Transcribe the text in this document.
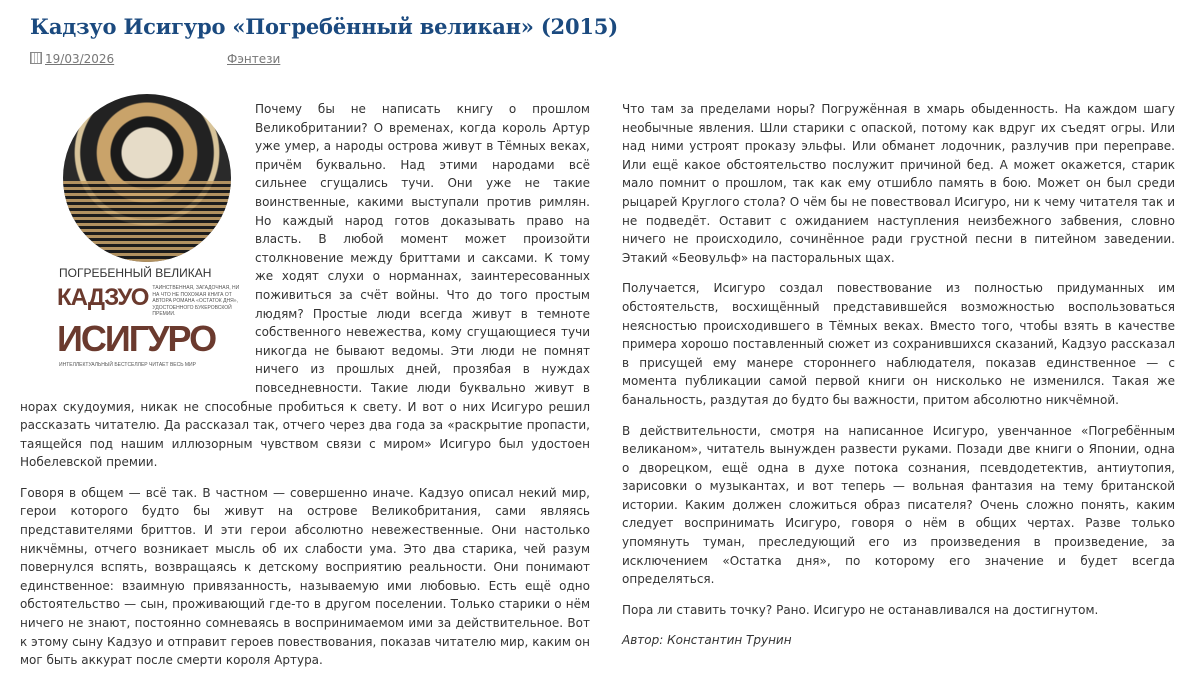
Кадзуо Исигуро «Погребённый великан» (2015)
19/03/2026	Фэнтези
ПОГРЕБЕННЫЙ ВЕЛИКАН
КАДЗУО ТАИНСТВЕННАЯ, ЗАГАДОЧНАЯ, НИ НА ЧТО НЕ ПОХОЖАЯ КНИГА ОТ АВТОРА РОМАНА «ОСТАТОК ДНЯ», УДОСТОЕННОГО БУКЕРОВСКОЙ ПРЕМИИ.
ИСИГУРО
ИНТЕЛЛЕКТУАЛЬНЫЙ БЕСТСЕЛЛЕР ЧИТАЕТ ВЕСЬ МИР

Почему бы не написать книгу о прошлом Великобритании? О временах, когда король Артур уже умер, а народы острова живут в Тёмных веках, причём буквально. Над этими народами всё сильнее сгущались тучи. Они уже не такие воинственные, какими выступали против римлян. Но каждый народ готов доказывать право на власть. В любой момент может произойти столкновение между бриттами и саксами. К тому же ходят слухи о норманнах, заинтересованных поживиться за счёт войны. Что до того простым людям? Простые люди всегда живут в темноте собственного невежества, кому сгущающиеся тучи никогда не бывают ведомы. Эти люди не помнят ничего из прошлых дней, прозябая в нуждах повседневности. Такие люди буквально живут в норах скудоумия, никак не способные пробиться к свету. И вот о них Исигуро решил рассказать читателю. Да рассказал так, отчего через два года за «раскрытие пропасти, таящейся под нашим иллюзорным чувством связи с миром» Исигуро был удостоен Нобелевской премии.

Говоря в общем — всё так. В частном — совершенно иначе. Кадзуо описал некий мир, герои которого будто бы живут на острове Великобритания, сами являясь представителями бриттов. И эти герои абсолютно невежественные. Они настолько никчёмны, отчего возникает мысль об их слабости ума. Это два старика, чей разум повернулся вспять, возвращаясь к детскому восприятию реальности. Они понимают единственное: взаимную привязанность, называемую ими любовью. Есть ещё одно обстоятельство — сын, проживающий где-то в другом поселении. Только старики о нём ничего не знают, постоянно сомневаясь в воспринимаемом ими за действительное. Вот к этому сыну Кадзуо и отправит героев повествования, показав читателю мир, каким он мог быть аккурат после смерти короля Артура.

Что там за пределами норы? Погружённая в хмарь обыденность. На каждом шагу необычные явления. Шли старики с опаской, потому как вдруг их съедят огры. Или над ними устроят проказу эльфы. Или обманет лодочник, разлучив при переправе. Или ещё какое обстоятельство послужит причиной бед. А может окажется, старик мало помнит о прошлом, так как ему отшибло память в бою. Может он был среди рыцарей Круглого стола? О чём бы не повествовал Исигуро, ни к чему читателя так и не подведёт. Оставит с ожиданием наступления неизбежного забвения, словно ничего не происходило, сочинённое ради грустной песни в питейном заведении. Этакий «Беовульф» на пасторальных щах.

Получается, Исигуро создал повествование из полностью придуманных им обстоятельств, восхищённый представившейся возможностью воспользоваться неясностью происходившего в Тёмных веках. Вместо того, чтобы взять в качестве примера хорошо поставленный сюжет из сохранившихся сказаний, Кадзуо рассказал в присущей ему манере стороннего наблюдателя, показав единственное — с момента публикации самой первой книги он нисколько не изменился. Такая же банальность, раздутая до будто бы важности, притом абсолютно никчёмной.

В действительности, смотря на написанное Исигуро, увенчанное «Погребённым великаном», читатель вынужден развести руками. Позади две книги о Японии, одна о дворецком, ещё одна в духе потока сознания, псевдодетектив, антиутопия, зарисовки о музыкантах, и вот теперь — вольная фантазия на тему британской истории. Каким должен сложиться образ писателя? Очень сложно понять, каким следует воспринимать Исигуро, говоря о нём в общих чертах. Разве только упомянуть туман, преследующий его из произведения в произведение, за исключением «Остатка дня», по которому его значение и будет всегда определяться.

Пора ли ставить точку? Рано. Исигуро не останавливался на достигнутом.

Автор: Константин Трунин
